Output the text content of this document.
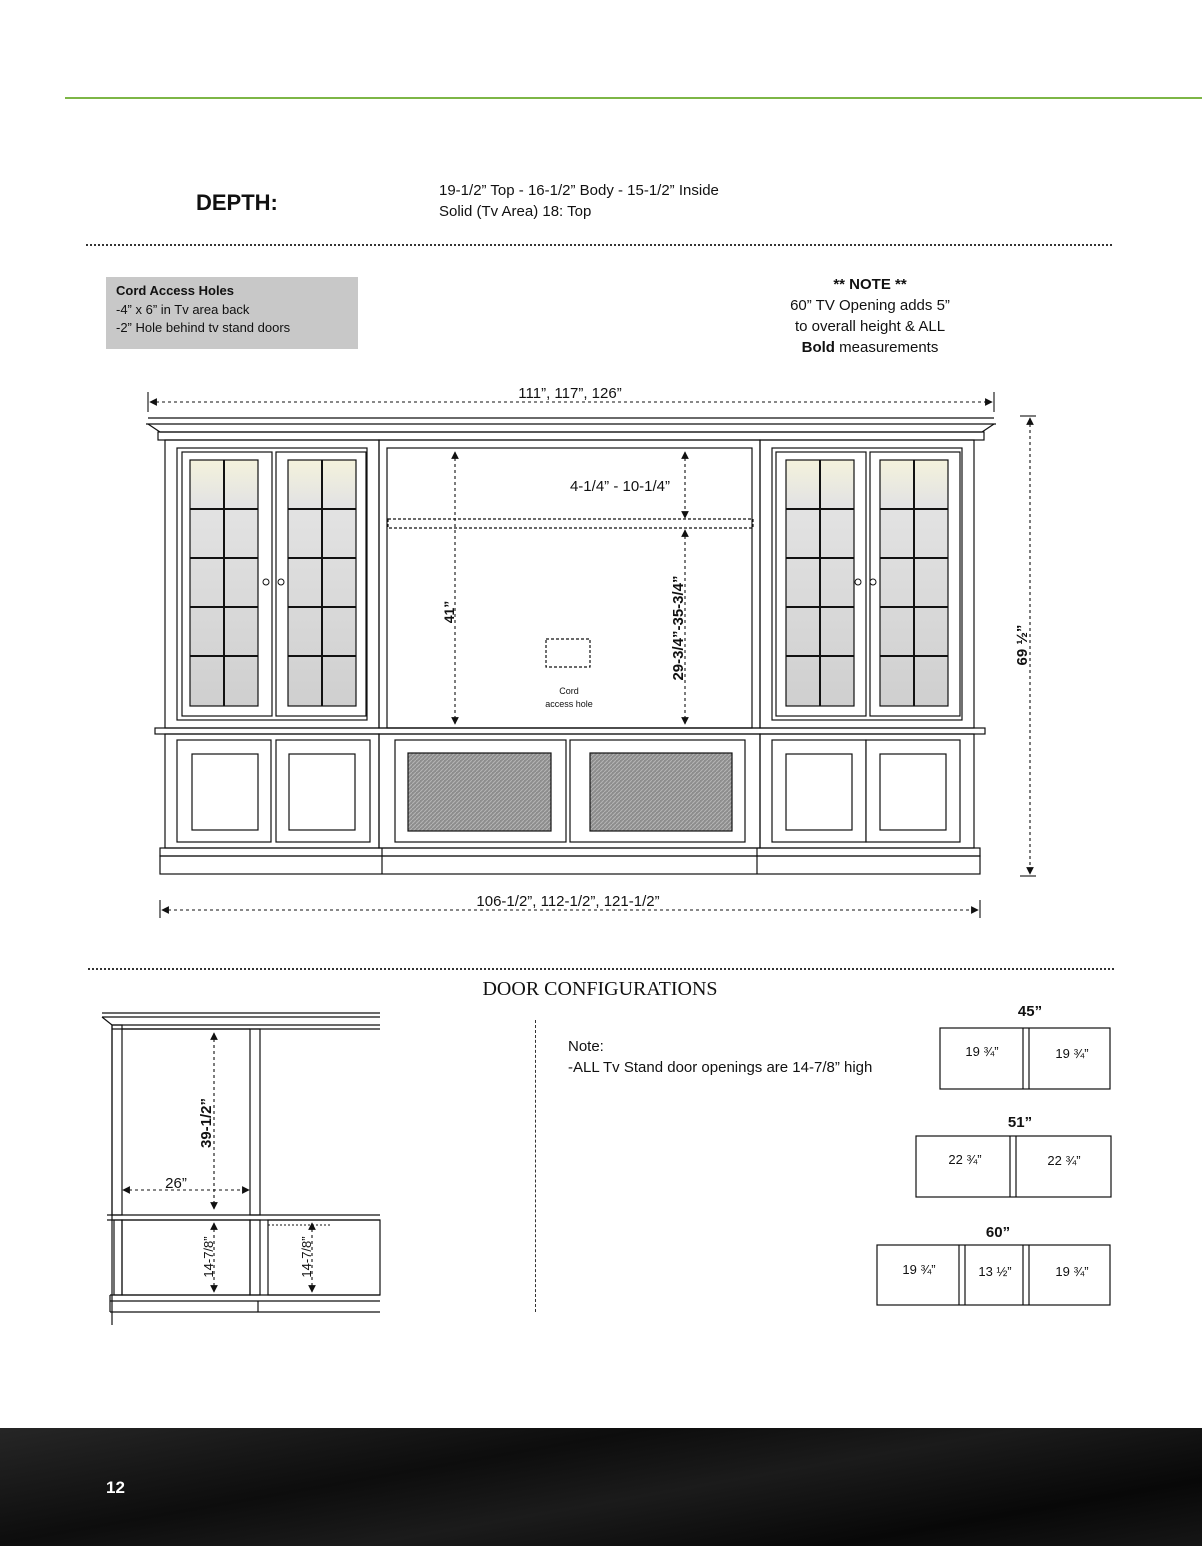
DEPTH:	19-1/2” Top - 16-1/2” Body - 15-1/2” Inside
Solid (Tv Area) 18: Top
Cord Access Holes
-4” x 6” in Tv area back
-2” Hole behind tv stand doors
** NOTE **
60” TV Opening adds 5”
to overall height & ALL
Bold measurements
111”, 117”, 126”
106-1/2”, 112-1/2”, 121-1/2”
4-1/4” - 10-1/4”
Cord
access hole
41”	29-3/4”-35-3/4”	69 ½”
DOOR CONFIGURATIONS
39-1/2”
26”
14-7/8”	14-7/8”
Note:
-ALL Tv Stand door openings are 14-7/8” high
45”
19 ¾”	19 ¾”
51”
22 ¾”	22 ¾”
60”
19 ¾”	13 ½”	19 ¾”
12
